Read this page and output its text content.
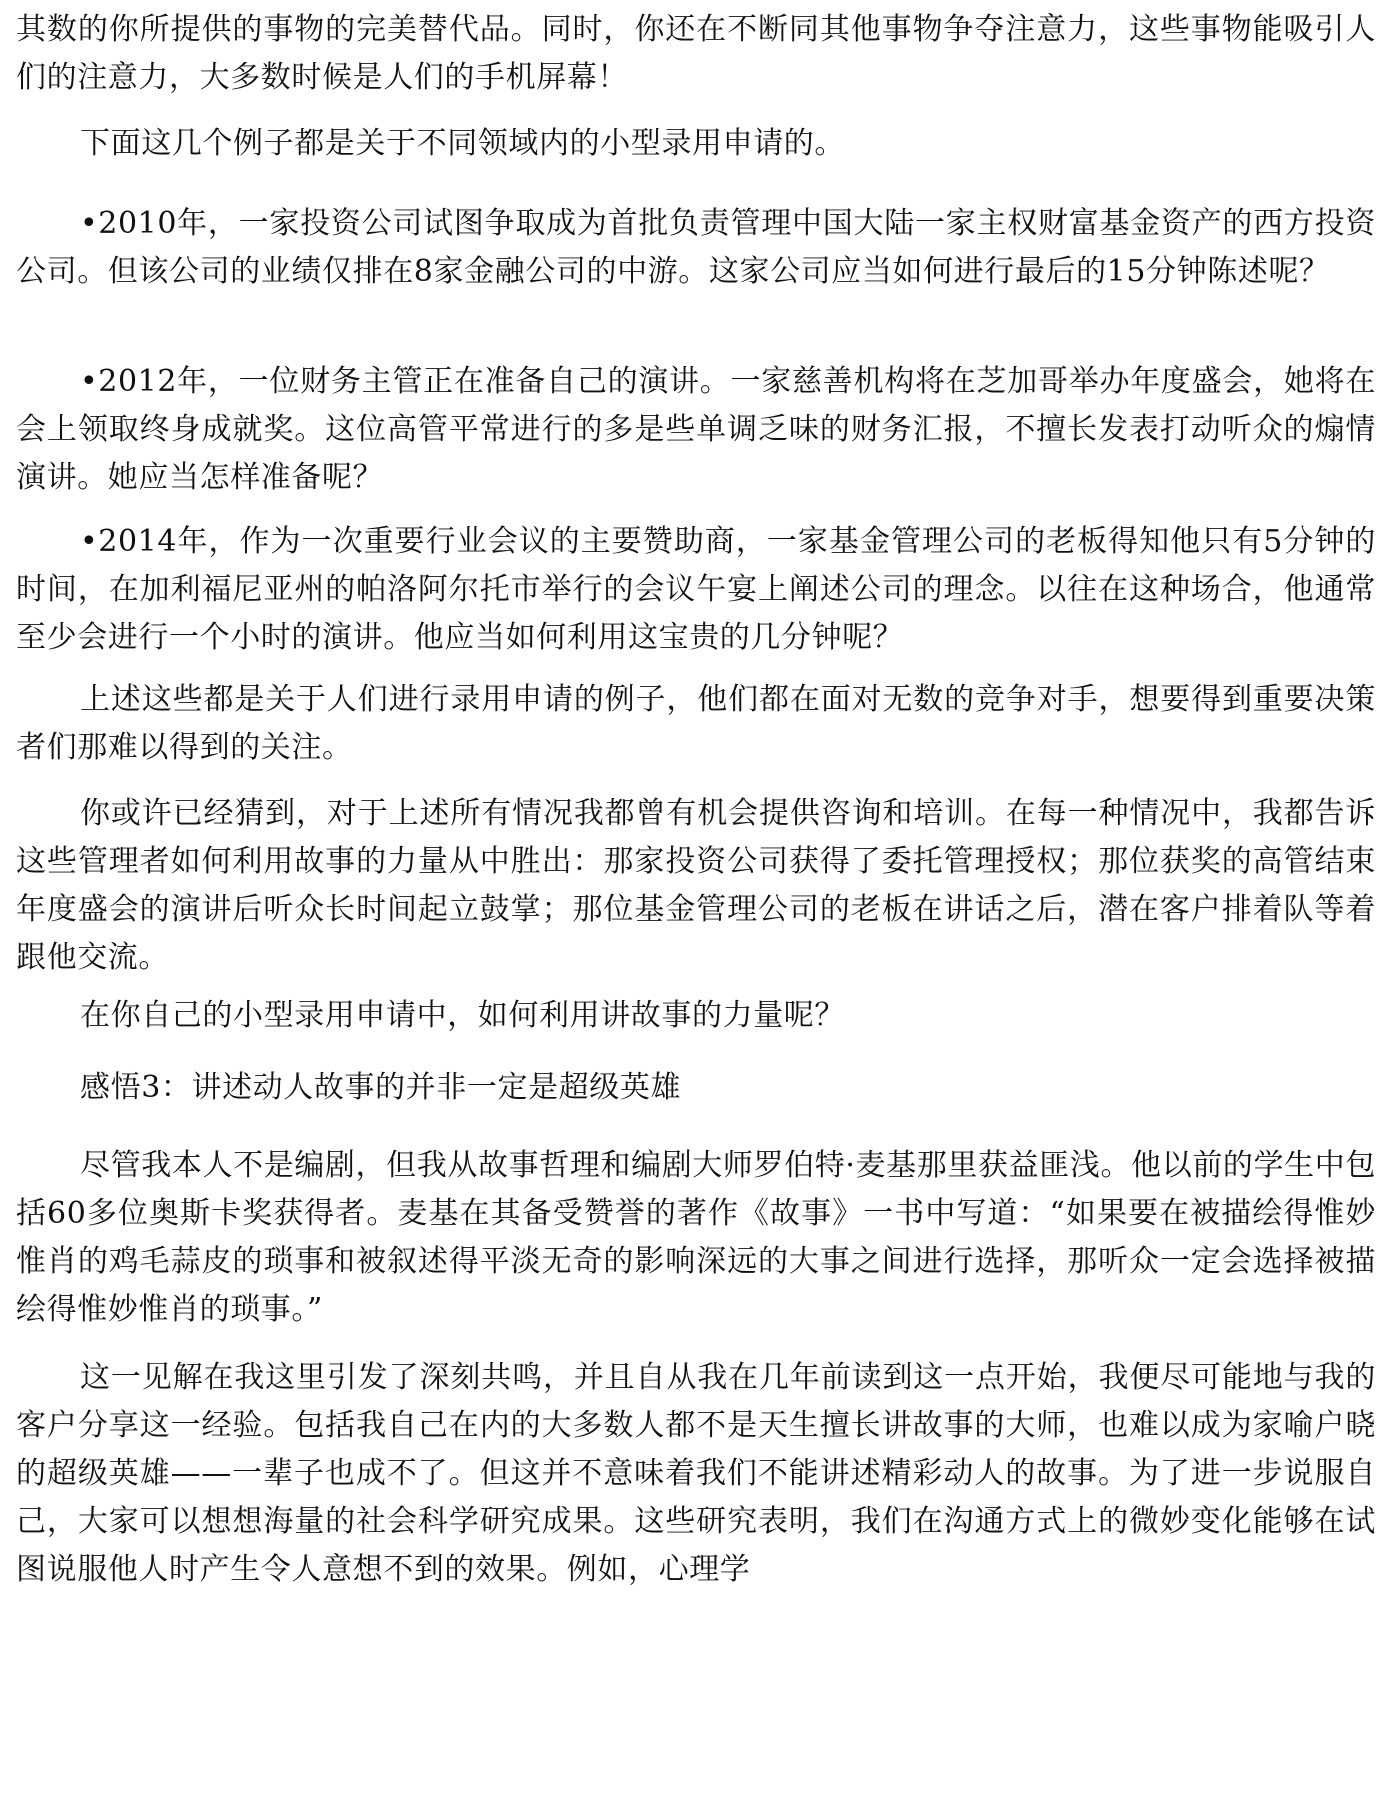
其数的你所提供的事物的完美替代品。同时，你还在不断同其他事物争夺注意力，这些事物能吸引人们的注意力，大多数时候是人们的手机屏幕！

下面这几个例子都是关于不同领域内的小型录用申请的。

•2010年，一家投资公司试图争取成为首批负责管理中国大陆一家主权财富基金资产的西方投资公司。但该公司的业绩仅排在8家金融公司的中游。这家公司应当如何进行最后的15分钟陈述呢？

•2012年，一位财务主管正在准备自己的演讲。一家慈善机构将在芝加哥举办年度盛会，她将在会上领取终身成就奖。这位高管平常进行的多是些单调乏味的财务汇报，不擅长发表打动听众的煽情演讲。她应当怎样准备呢？

•2014年，作为一次重要行业会议的主要赞助商，一家基金管理公司的老板得知他只有5分钟的时间，在加利福尼亚州的帕洛阿尔托市举行的会议午宴上阐述公司的理念。以往在这种场合，他通常至少会进行一个小时的演讲。他应当如何利用这宝贵的几分钟呢？

上述这些都是关于人们进行录用申请的例子，他们都在面对无数的竞争对手，想要得到重要决策者们那难以得到的关注。

你或许已经猜到，对于上述所有情况我都曾有机会提供咨询和培训。在每一种情况中，我都告诉这些管理者如何利用故事的力量从中胜出：那家投资公司获得了委托管理授权；那位获奖的高管结束年度盛会的演讲后听众长时间起立鼓掌；那位基金管理公司的老板在讲话之后，潜在客户排着队等着跟他交流。

在你自己的小型录用申请中，如何利用讲故事的力量呢？

感悟3：讲述动人故事的并非一定是超级英雄

尽管我本人不是编剧，但我从故事哲理和编剧大师罗伯特·麦基那里获益匪浅。他以前的学生中包括60多位奥斯卡奖获得者。麦基在其备受赞誉的著作《故事》一书中写道：“如果要在被描绘得惟妙惟肖的鸡毛蒜皮的琐事和被叙述得平淡无奇的影响深远的大事之间进行选择，那听众一定会选择被描绘得惟妙惟肖的琐事。”

这一见解在我这里引发了深刻共鸣，并且自从我在几年前读到这一点开始，我便尽可能地与我的客户分享这一经验。包括我自己在内的大多数人都不是天生擅长讲故事的大师，也难以成为家喻户晓的超级英雄——一辈子也成不了。但这并不意味着我们不能讲述精彩动人的故事。为了进一步说服自己，大家可以想想海量的社会科学研究成果。这些研究表明，我们在沟通方式上的微妙变化能够在试图说服他人时产生令人意想不到的效果。例如，心理学
